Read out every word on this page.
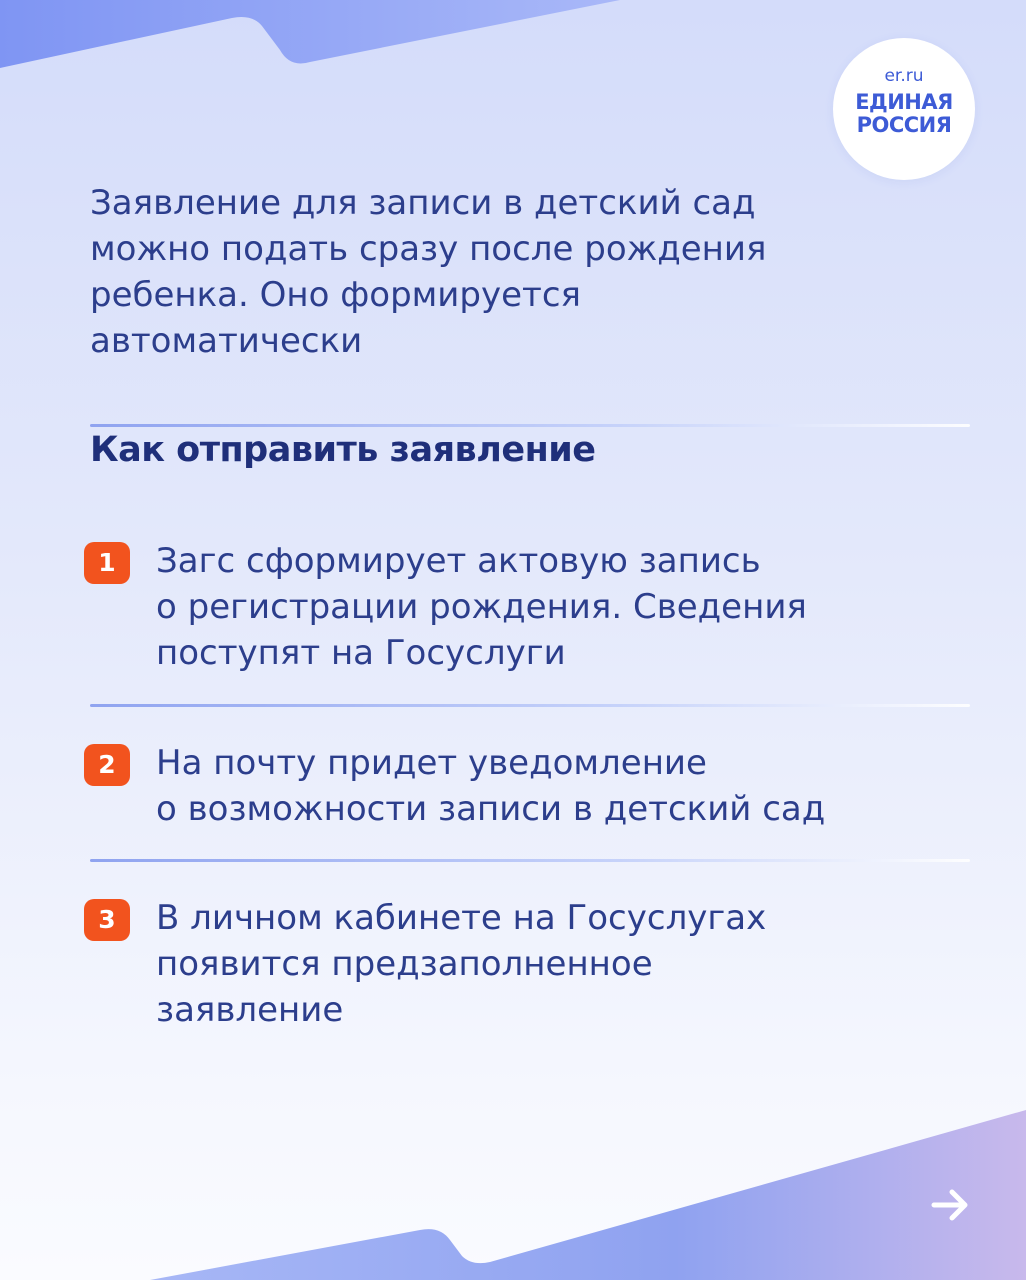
er.ru
ЕДИНАЯ
РОССИЯ

Заявление для записи в детский сад
можно подать сразу после рождения
ребенка. Оно формируется
автоматически

Как отправить заявление
1	Загс сформирует актовую запись
о регистрации рождения. Сведения
поступят на Госуслуги

2	На почту придет уведомление
о возможности записи в детский сад

3	В личном кабинете на Госуслугах
появится предзаполненное
заявление
